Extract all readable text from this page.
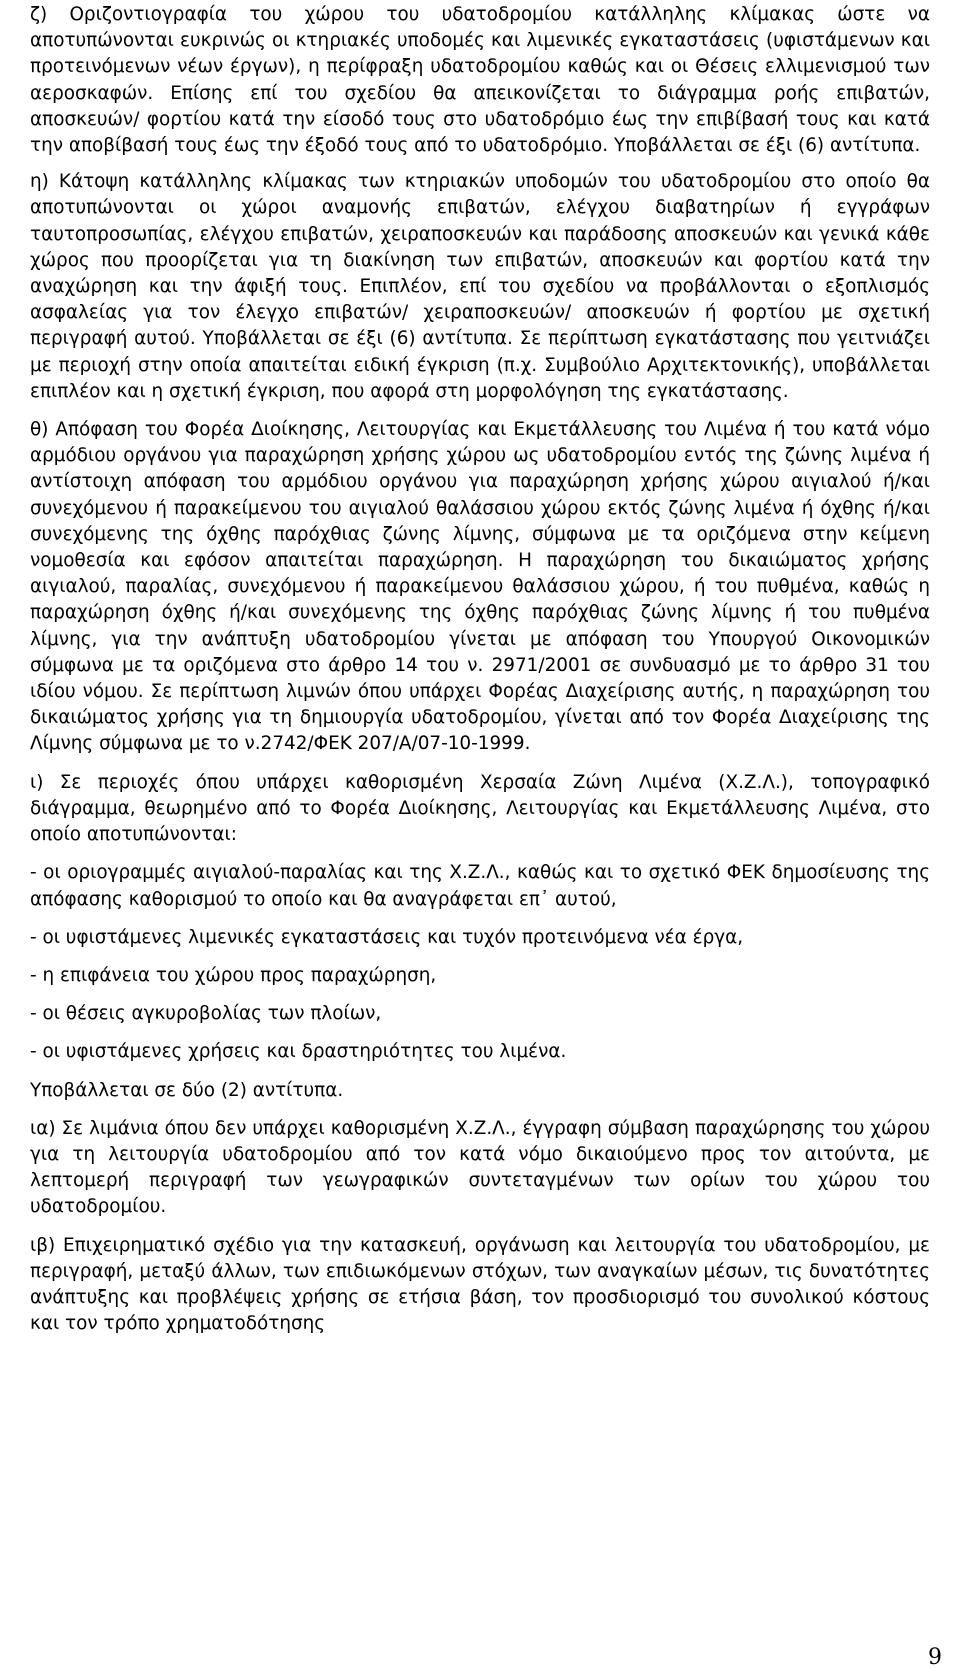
ζ) Οριζοντιογραφία του χώρου του υδατοδρομίου κατάλληλης κλίμακας ώστε να αποτυπώνονται ευκρινώς οι κτηριακές υποδομές και λιμενικές εγκαταστάσεις (υφιστάμενων και προτεινόμενων νέων έργων), η περίφραξη υδατοδρομίου καθώς και οι Θέσεις ελλιμενισμού των αεροσκαφών. Επίσης επί του σχεδίου θα απεικονίζεται το διάγραμμα ροής επιβατών, αποσκευών/ φορτίου κατά την είσοδό τους στο υδατοδρόμιο έως την επιβίβασή τους και κατά την αποβίβασή τους έως την έξοδό τους από το υδατοδρόμιο. Υποβάλλεται σε έξι (6) αντίτυπα.

η) Κάτοψη κατάλληλης κλίμακας των κτηριακών υποδομών του υδατοδρομίου στο οποίο θα αποτυπώνονται οι χώροι αναμονής επιβατών, ελέγχου διαβατηρίων ή εγγράφων ταυτοπροσωπίας, ελέγχου επιβατών, χειραποσκευών και παράδοσης αποσκευών και γενικά κάθε χώρος που προορίζεται για τη διακίνηση των επιβατών, αποσκευών και φορτίου κατά την αναχώρηση και την άφιξή τους. Επιπλέον, επί του σχεδίου να προβάλλονται ο εξοπλισμός ασφαλείας για τον έλεγχο επιβατών/ χειραποσκευών/ αποσκευών ή φορτίου με σχετική περιγραφή αυτού. Υποβάλλεται σε έξι (6) αντίτυπα. Σε περίπτωση εγκατάστασης που γειτνιάζει με περιοχή στην οποία απαιτείται ειδική έγκριση (π.χ. Συμβούλιο Αρχιτεκτονικής), υποβάλλεται επιπλέον και η σχετική έγκριση, που αφορά στη μορφολόγηση της εγκατάστασης.

θ) Απόφαση του Φορέα Διοίκησης, Λειτουργίας και Εκμετάλλευσης του Λιμένα ή του κατά νόμο αρμόδιου οργάνου για παραχώρηση χρήσης χώρου ως υδατοδρομίου εντός της ζώνης λιμένα ή αντίστοιχη απόφαση του αρμόδιου οργάνου για παραχώρηση χρήσης χώρου αιγιαλού ή/και συνεχόμενου ή παρακείμενου του αιγιαλού θαλάσσιου χώρου εκτός ζώνης λιμένα ή όχθης ή/και συνεχόμενης της όχθης παρόχθιας ζώνης λίμνης, σύμφωνα με τα οριζόμενα στην κείμενη νομοθεσία και εφόσον απαιτείται παραχώρηση. Η παραχώρηση του δικαιώματος χρήσης αιγιαλού, παραλίας, συνεχόμενου ή παρακείμενου θαλάσσιου χώρου, ή του πυθμένα, καθώς η παραχώρηση όχθης ή/και συνεχόμενης της όχθης παρόχθιας ζώνης λίμνης ή του πυθμένα λίμνης, για την ανάπτυξη υδατοδρομίου γίνεται με απόφαση του Υπουργού Οικονομικών σύμφωνα με τα οριζόμενα στο άρθρο 14 του ν. 2971/2001 σε συνδυασμό με το άρθρο 31 του ιδίου νόμου. Σε περίπτωση λιμνών όπου υπάρχει Φορέας Διαχείρισης αυτής, η παραχώρηση του δικαιώματος χρήσης για τη δημιουργία υδατοδρομίου, γίνεται από τον Φορέα Διαχείρισης της Λίμνης σύμφωνα με το ν.2742/ΦΕΚ 207/Α/07-10-1999.

ι) Σε περιοχές όπου υπάρχει καθορισμένη Χερσαία Ζώνη Λιμένα (Χ.Ζ.Λ.), τοπογραφικό διάγραμμα, θεωρημένο από το Φορέα Διοίκησης, Λειτουργίας και Εκμετάλλευσης Λιμένα, στο οποίο αποτυπώνονται:

- οι οριογραμμές αιγιαλού-παραλίας και της Χ.Ζ.Λ., καθώς και το σχετικό ΦΕΚ δημοσίευσης της απόφασης καθορισμού το οποίο και θα αναγράφεται επ᾽ αυτού,

- οι υφιστάμενες λιμενικές εγκαταστάσεις και τυχόν προτεινόμενα νέα έργα,

- η επιφάνεια του χώρου προς παραχώρηση,

- οι θέσεις αγκυροβολίας των πλοίων,

- οι υφιστάμενες χρήσεις και δραστηριότητες του λιμένα.

Υποβάλλεται σε δύο (2) αντίτυπα.

ια) Σε λιμάνια όπου δεν υπάρχει καθορισμένη Χ.Ζ.Λ., έγγραφη σύμβαση παραχώρησης του χώρου για τη λειτουργία υδατοδρομίου από τον κατά νόμο δικαιούμενο προς τον αιτούντα, με λεπτομερή περιγραφή των γεωγραφικών συντεταγμένων των ορίων του χώρου του υδατοδρομίου.

ιβ) Επιχειρηματικό σχέδιο για την κατασκευή, οργάνωση και λειτουργία του υδατοδρομίου, με περιγραφή, μεταξύ άλλων, των επιδιωκόμενων στόχων, των αναγκαίων μέσων, τις δυνατότητες ανάπτυξης και προβλέψεις χρήσης σε ετήσια βάση, τον προσδιορισμό του συνολικού κόστους και τον τρόπο χρηματοδότησης

9
